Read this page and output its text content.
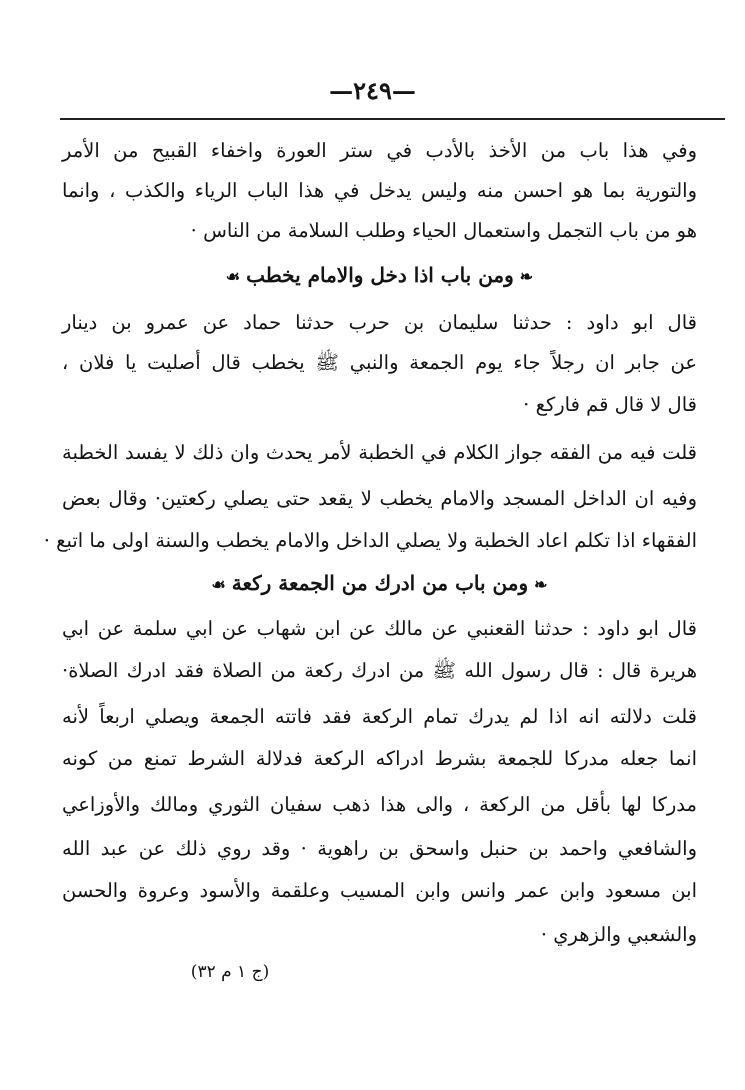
—٢٤٩—
وفي هذا باب من الأخذ بالأدب في ستر العورة واخفاء القبيح من الأمر
والتورية بما هو احسن منه وليس يدخل في هذا الباب الرياء والكذب ، وانما
هو من باب التجمل واستعمال الحياء وطلب السلامة من الناس ·
❧ومن باب اذا دخل والامام يخطب☙
قال ابو داود : حدثنا سليمان بن حرب حدثنا حماد عن عمرو بن دينار
عن جابر ان رجلاً جاء يوم الجمعة والنبي ﷺ يخطب قال أصليت يا فلان ،
قال لا قال قم فاركع ·
قلت فيه من الفقه جواز الكلام في الخطبة لأمر يحدث وان ذلك لا يفسد الخطبة
وفيه ان الداخل المسجد والامام يخطب لا يقعد حتى يصلي ركعتين· وقال بعض
الفقهاء اذا تكلم اعاد الخطبة ولا يصلي الداخل والامام يخطب والسنة اولى ما اتبع ·
❧ومن باب من ادرك من الجمعة ركعة☙
قال ابو داود : حدثنا القعنبي عن مالك عن ابن شهاب عن ابي سلمة عن ابي
هريرة قال : قال رسول الله ﷺ من ادرك ركعة من الصلاة فقد ادرك الصلاة·
قلت دلالته انه اذا لم يدرك تمام الركعة فقد فاتته الجمعة ويصلي اربعاً لأنه
انما جعله مدركا للجمعة بشرط ادراكه الركعة فدلالة الشرط تمنع من كونه
مدركا لها بأقل من الركعة ، والى هذا ذهب سفيان الثوري ومالك والأوزاعي
والشافعي واحمد بن حنبل واسحق بن راهوية · وقد روي ذلك عن عبد الله
ابن مسعود وابن عمر وانس وابن المسيب وعلقمة والأسود وعروة والحسن
والشعبي والزهري ·
(ج ١ م ٣٢)
